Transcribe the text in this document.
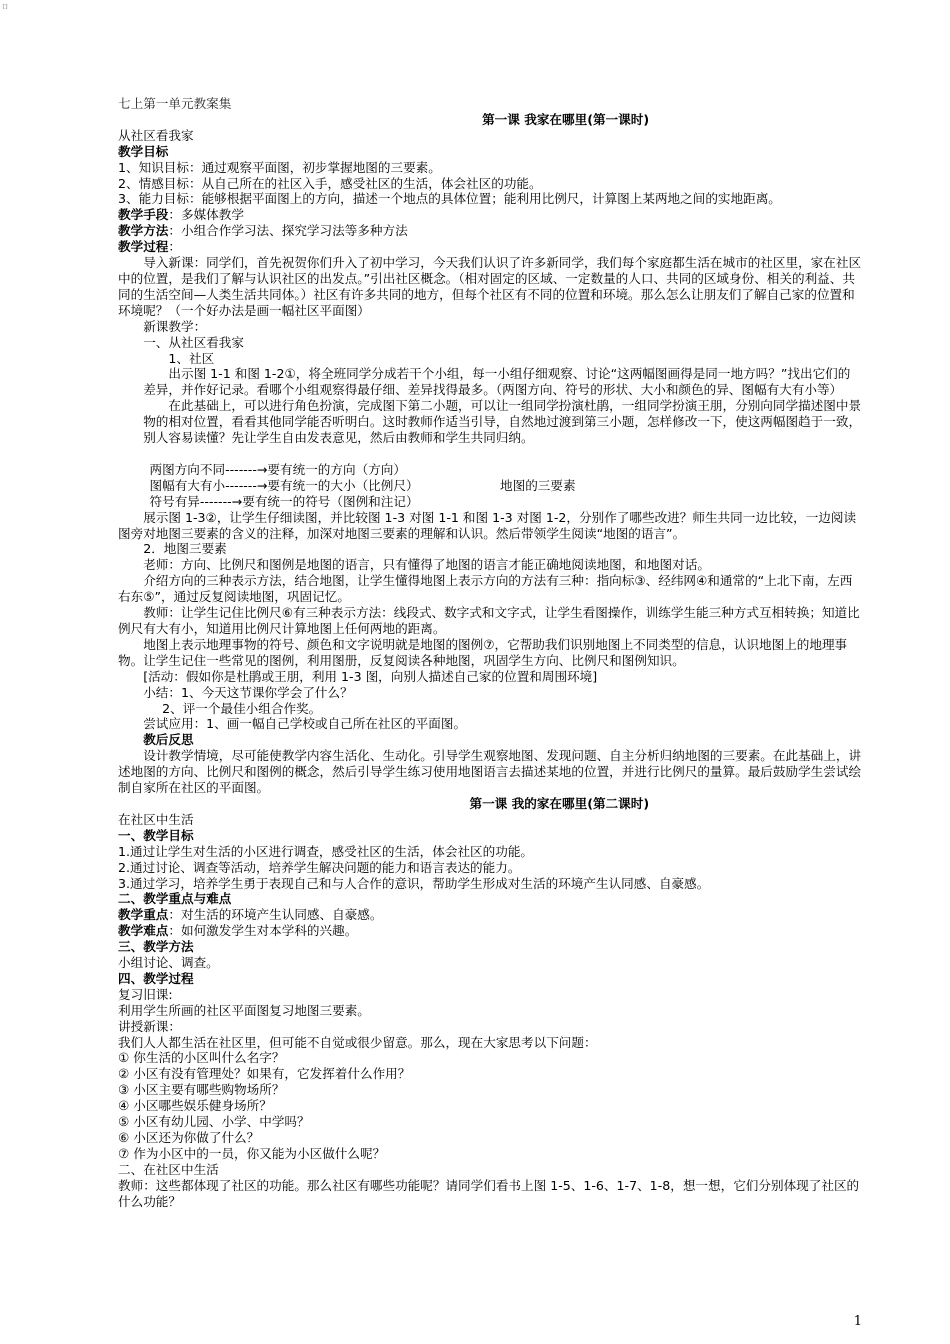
口

七上第一单元教案集

第一课 我家在哪里(第一课时)

从社区看我家

教学目标

1、知识目标：通过观察平面图，初步掌握地图的三要素。

2、情感目标：从自己所在的社区入手，感受社区的生活，体会社区的功能。

3、能力目标：能够根据平面图上的方向，描述一个地点的具体位置；能利用比例尺，计算图上某两地之间的实地距离。

教学手段：多媒体教学

教学方法：小组合作学习法、探究学习法等多种方法

教学过程：

导入新课：同学们，首先祝贺你们升入了初中学习，今天我们认识了许多新同学，我们每个家庭都生活在城市的社区里，家在社区中的位置，是我们了解与认识社区的出发点。”引出社区概念。（相对固定的区域、一定数量的人口、共同的区域身份、相关的利益、共同的生活空间—人类生活共同体。）社区有许多共同的地方，但每个社区有不同的位置和环境。那么怎么让朋友们了解自己家的位置和环境呢？（一个好办法是画一幅社区平面图）

新课教学：

一、从社区看我家

1、社区

出示图 1-1 和图 1-2①，将全班同学分成若干个小组，每一小组仔细观察、讨论“这两幅图画得是同一地方吗？”找出它们的差异，并作好记录。看哪个小组观察得最仔细、差异找得最多。（两图方向、符号的形状、大小和颜色的异、图幅有大有小等）

在此基础上，可以进行角色扮演，完成图下第二小题，可以让一组同学扮演杜鹃，一组同学扮演王朋，分别向同学描述图中景物的相对位置，看看其他同学能否听明白。这时教师作适当引导，自然地过渡到第三小题，怎样修改一下，使这两幅图趋于一致，别人容易读懂？先让学生自由发表意见，然后由教师和学生共同归纳。

两图方向不同-------→要有统一的方向（方向）
图幅有大有小-------→要有统一的大小（比例尺）	地图的三要素
符号有异-------→要有统一的符号（图例和注记）

展示图 1-3②，让学生仔细读图，并比较图 1-3 对图 1-1 和图 1-3 对图 1-2，分别作了哪些改进？师生共同一边比较，一边阅读图旁对地图三要素的含义的注释，加深对地图三要素的理解和认识。然后带领学生阅读“地图的语言”。

2．地图三要素

老师：方向、比例尺和图例是地图的语言，只有懂得了地图的语言才能正确地阅读地图，和地图对话。

介绍方向的三种表示方法，结合地图，让学生懂得地图上表示方向的方法有三种：指向标③、经纬网④和通常的“上北下南，左西右东⑤”，通过反复阅读地图，巩固记忆。

教师：让学生记住比例尺⑥有三种表示方法：线段式、数字式和文字式，让学生看图操作，训练学生能三种方式互相转换；知道比例尺有大有小，知道用比例尺计算地图上任何两地的距离。

地图上表示地理事物的符号、颜色和文字说明就是地图的图例⑦，它帮助我们识别地图上不同类型的信息，认识地图上的地理事物。让学生记住一些常见的图例，利用图册，反复阅读各种地图，巩固学生方向、比例尺和图例知识。

[活动：假如你是杜鹃或王朋，利用 1-3 图，向别人描述自己家的位置和周围环境]

小结：1、今天这节课你学会了什么？

2、评一个最佳小组合作奖。

尝试应用：1、画一幅自己学校或自己所在社区的平面图。

教后反思

设计教学情境，尽可能使教学内容生活化、生动化。引导学生观察地图、发现问题、自主分析归纳地图的三要素。在此基础上，讲述地图的方向、比例尺和图例的概念，然后引导学生练习使用地图语言去描述某地的位置，并进行比例尺的量算。最后鼓励学生尝试绘制自家所在社区的平面图。

第一课 我的家在哪里(第二课时)

在社区中生活

一、教学目标

1.通过让学生对生活的小区进行调查，感受社区的生活，体会社区的功能。

2.通过讨论、调查等活动，培养学生解决问题的能力和语言表达的能力。

3.通过学习，培养学生勇于表现自己和与人合作的意识，帮助学生形成对生活的环境产生认同感、自豪感。

二、教学重点与难点

教学重点：对生活的环境产生认同感、自豪感。

教学难点：如何激发学生对本学科的兴趣。

三、教学方法

小组讨论、调查。

四、教学过程

复习旧课:

利用学生所画的社区平面图复习地图三要素。

讲授新课：

我们人人都生活在社区里，但可能不自觉或很少留意。那么，现在大家思考以下问题：

① 你生活的小区叫什么名字？

② 小区有没有管理处？如果有，它发挥着什么作用？

③ 小区主要有哪些购物场所？

④ 小区哪些娱乐健身场所？

⑤ 小区有幼儿园、小学、中学吗？

⑥ 小区还为你做了什么？

⑦ 作为小区中的一员，你又能为小区做什么呢？

二、在社区中生活

教师：这些都体现了社区的功能。那么社区有哪些功能呢？请同学们看书上图 1-5、1-6、1-7、1-8，想一想，它们分别体现了社区的什么功能？

1
